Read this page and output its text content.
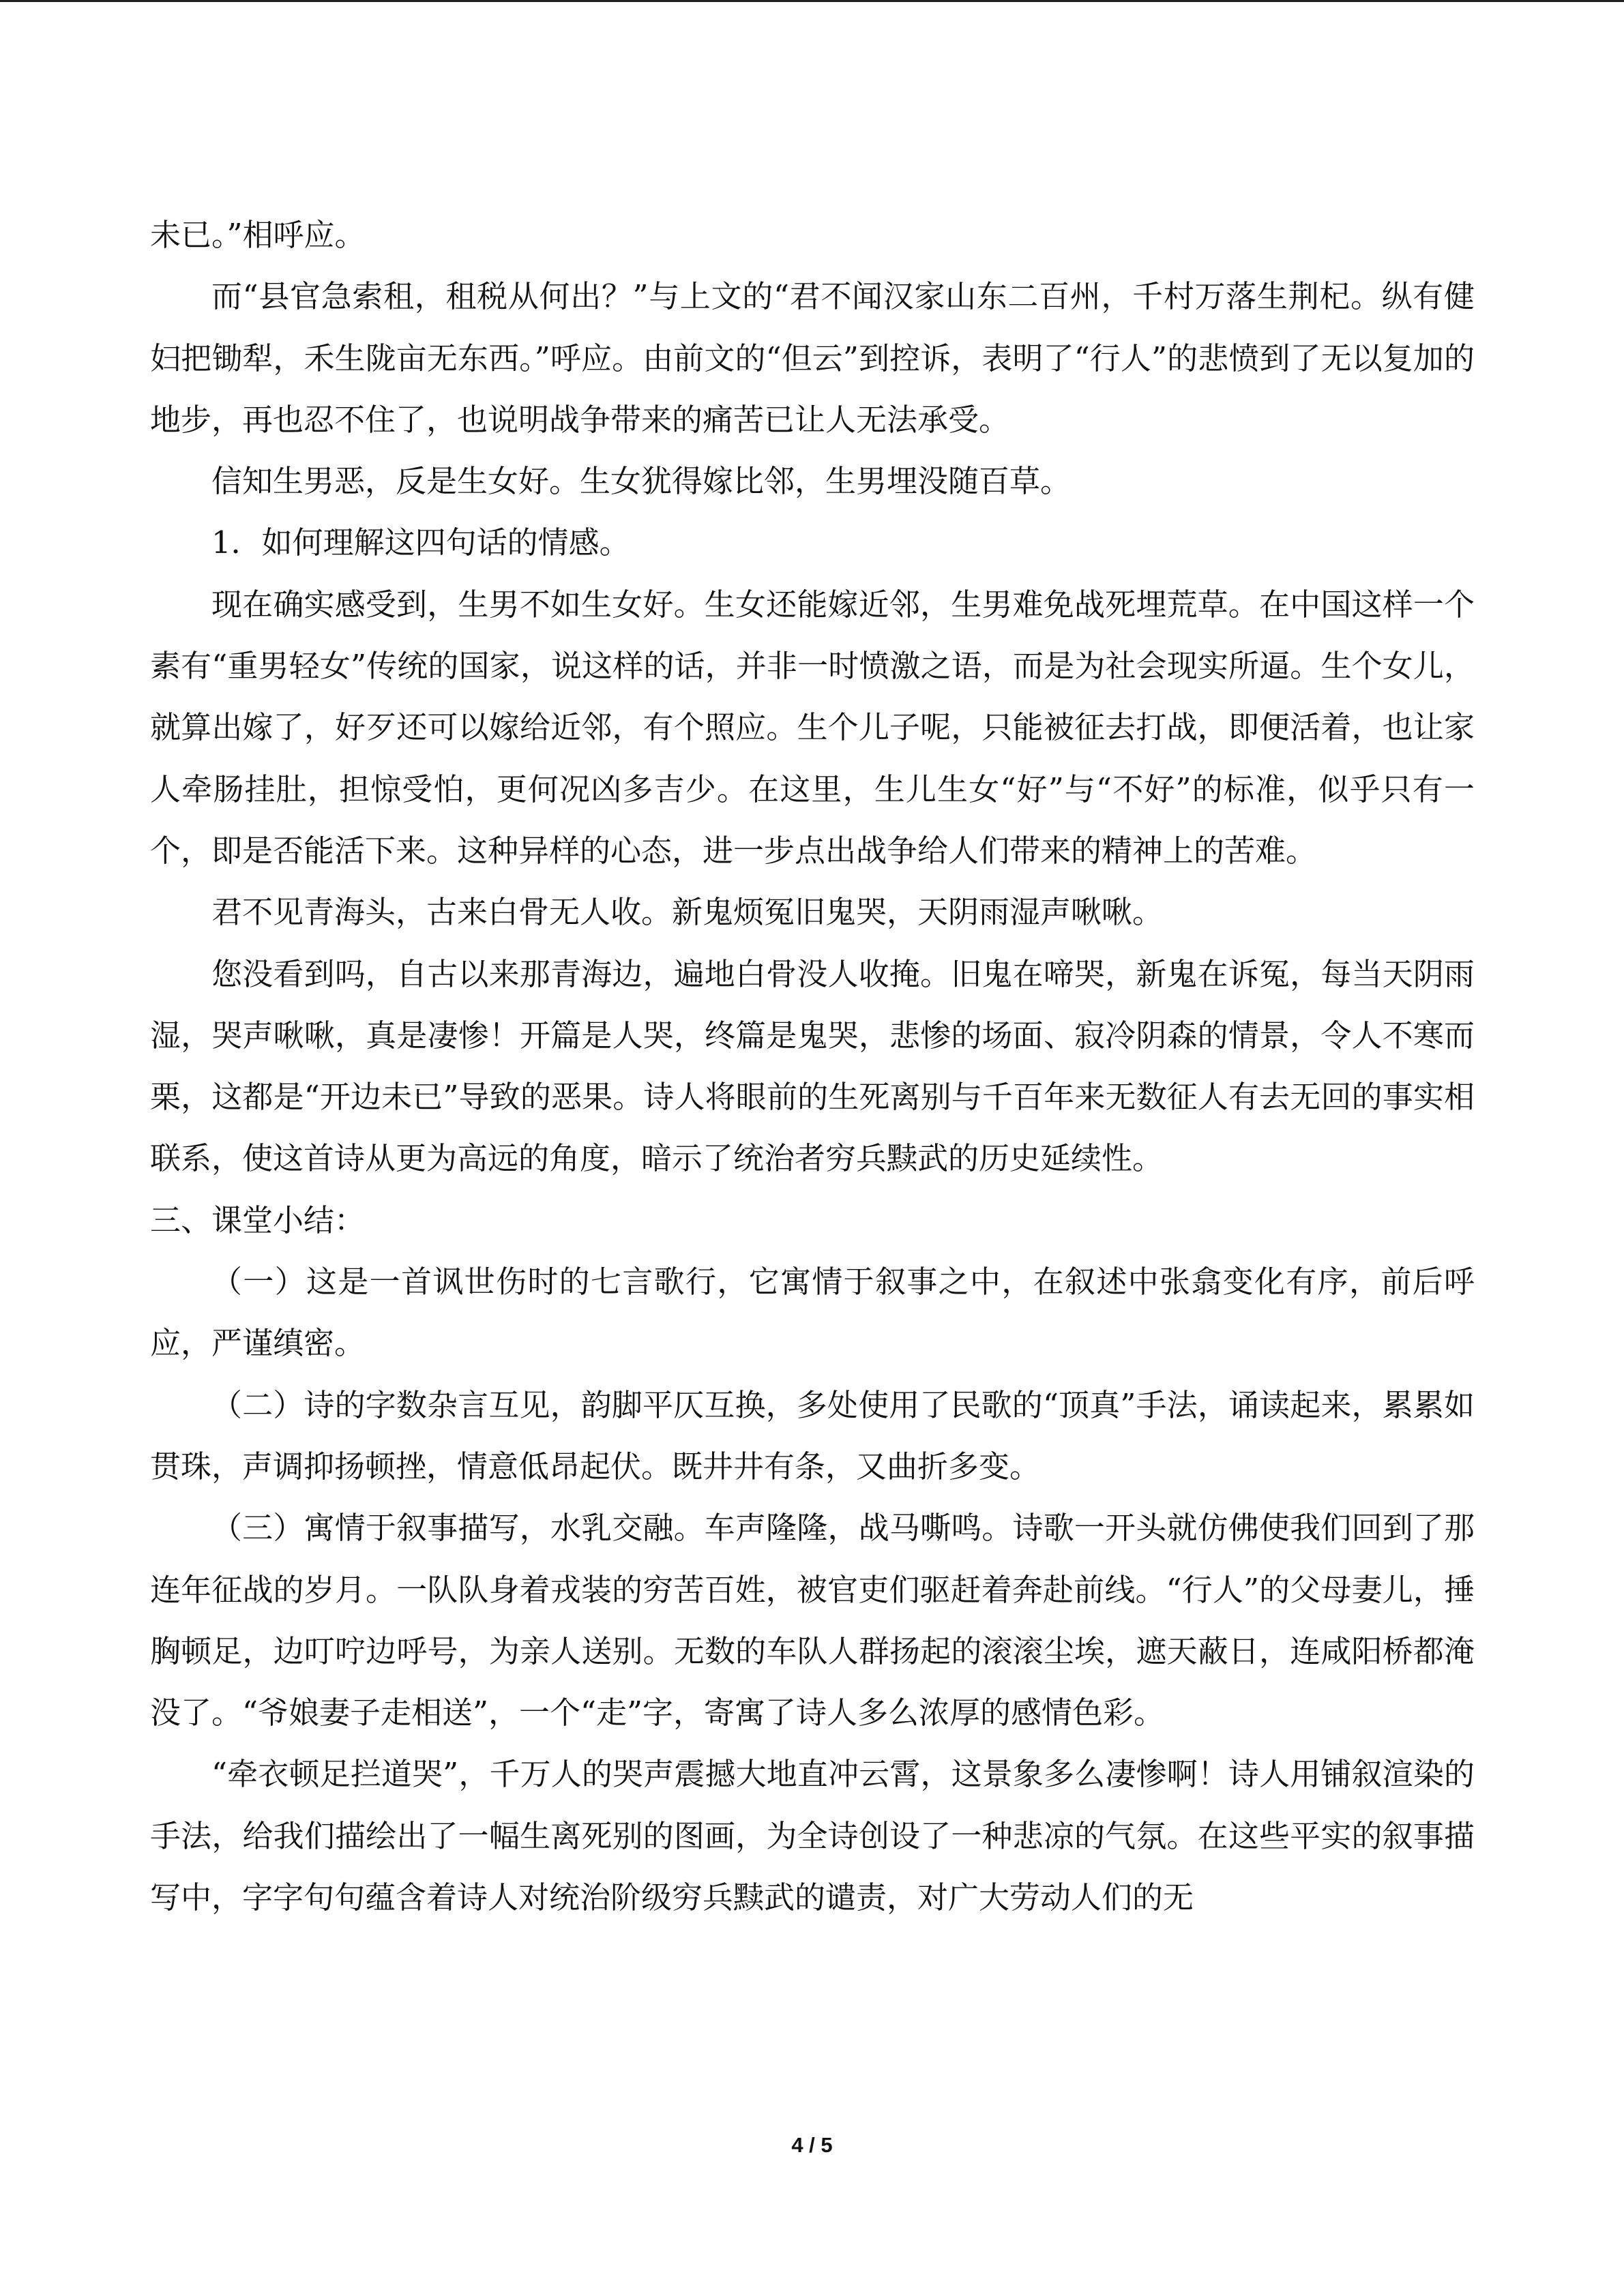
未已。”相呼应。

而“县官急索租，租税从何出？”与上文的“君不闻汉家山东二百州，千村万落生荆杞。纵有健妇把锄犁，禾生陇亩无东西。”呼应。由前文的“但云”到控诉，表明了“行人”的悲愤到了无以复加的地步，再也忍不住了，也说明战争带来的痛苦已让人无法承受。

信知生男恶，反是生女好。生女犹得嫁比邻，生男埋没随百草。

1．如何理解这四句话的情感。

现在确实感受到，生男不如生女好。生女还能嫁近邻，生男难免战死埋荒草。在中国这样一个素有“重男轻女”传统的国家，说这样的话，并非一时愤激之语，而是为社会现实所逼。生个女儿，就算出嫁了，好歹还可以嫁给近邻，有个照应。生个儿子呢，只能被征去打战，即便活着，也让家人牵肠挂肚，担惊受怕，更何况凶多吉少。在这里，生儿生女“好”与“不好”的标准，似乎只有一个，即是否能活下来。这种异样的心态，进一步点出战争给人们带来的精神上的苦难。

君不见青海头，古来白骨无人收。新鬼烦冤旧鬼哭，天阴雨湿声啾啾。

您没看到吗，自古以来那青海边，遍地白骨没人收掩。旧鬼在啼哭，新鬼在诉冤，每当天阴雨湿，哭声啾啾，真是凄惨！开篇是人哭，终篇是鬼哭，悲惨的场面、寂冷阴森的情景，令人不寒而栗，这都是“开边未已”导致的恶果。诗人将眼前的生死离别与千百年来无数征人有去无回的事实相联系，使这首诗从更为高远的角度，暗示了统治者穷兵黩武的历史延续性。

三、课堂小结：

（一）这是一首讽世伤时的七言歌行，它寓情于叙事之中，在叙述中张翕变化有序，前后呼应，严谨缜密。

（二）诗的字数杂言互见，韵脚平仄互换，多处使用了民歌的“顶真”手法，诵读起来，累累如贯珠，声调抑扬顿挫，情意低昂起伏。既井井有条，又曲折多变。

（三）寓情于叙事描写，水乳交融。车声隆隆，战马嘶鸣。诗歌一开头就仿佛使我们回到了那连年征战的岁月。一队队身着戎装的穷苦百姓，被官吏们驱赶着奔赴前线。“行人”的父母妻儿，捶胸顿足，边叮咛边呼号，为亲人送别。无数的车队人群扬起的滚滚尘埃，遮天蔽日，连咸阳桥都淹没了。“爷娘妻子走相送”，一个“走”字，寄寓了诗人多么浓厚的感情色彩。

“牵衣顿足拦道哭”，千万人的哭声震撼大地直冲云霄，这景象多么凄惨啊！诗人用铺叙渲染的手法，给我们描绘出了一幅生离死别的图画，为全诗创设了一种悲凉的气氛。在这些平实的叙事描写中，字字句句蕴含着诗人对统治阶级穷兵黩武的谴责，对广大劳动人们的无

4 / 5
